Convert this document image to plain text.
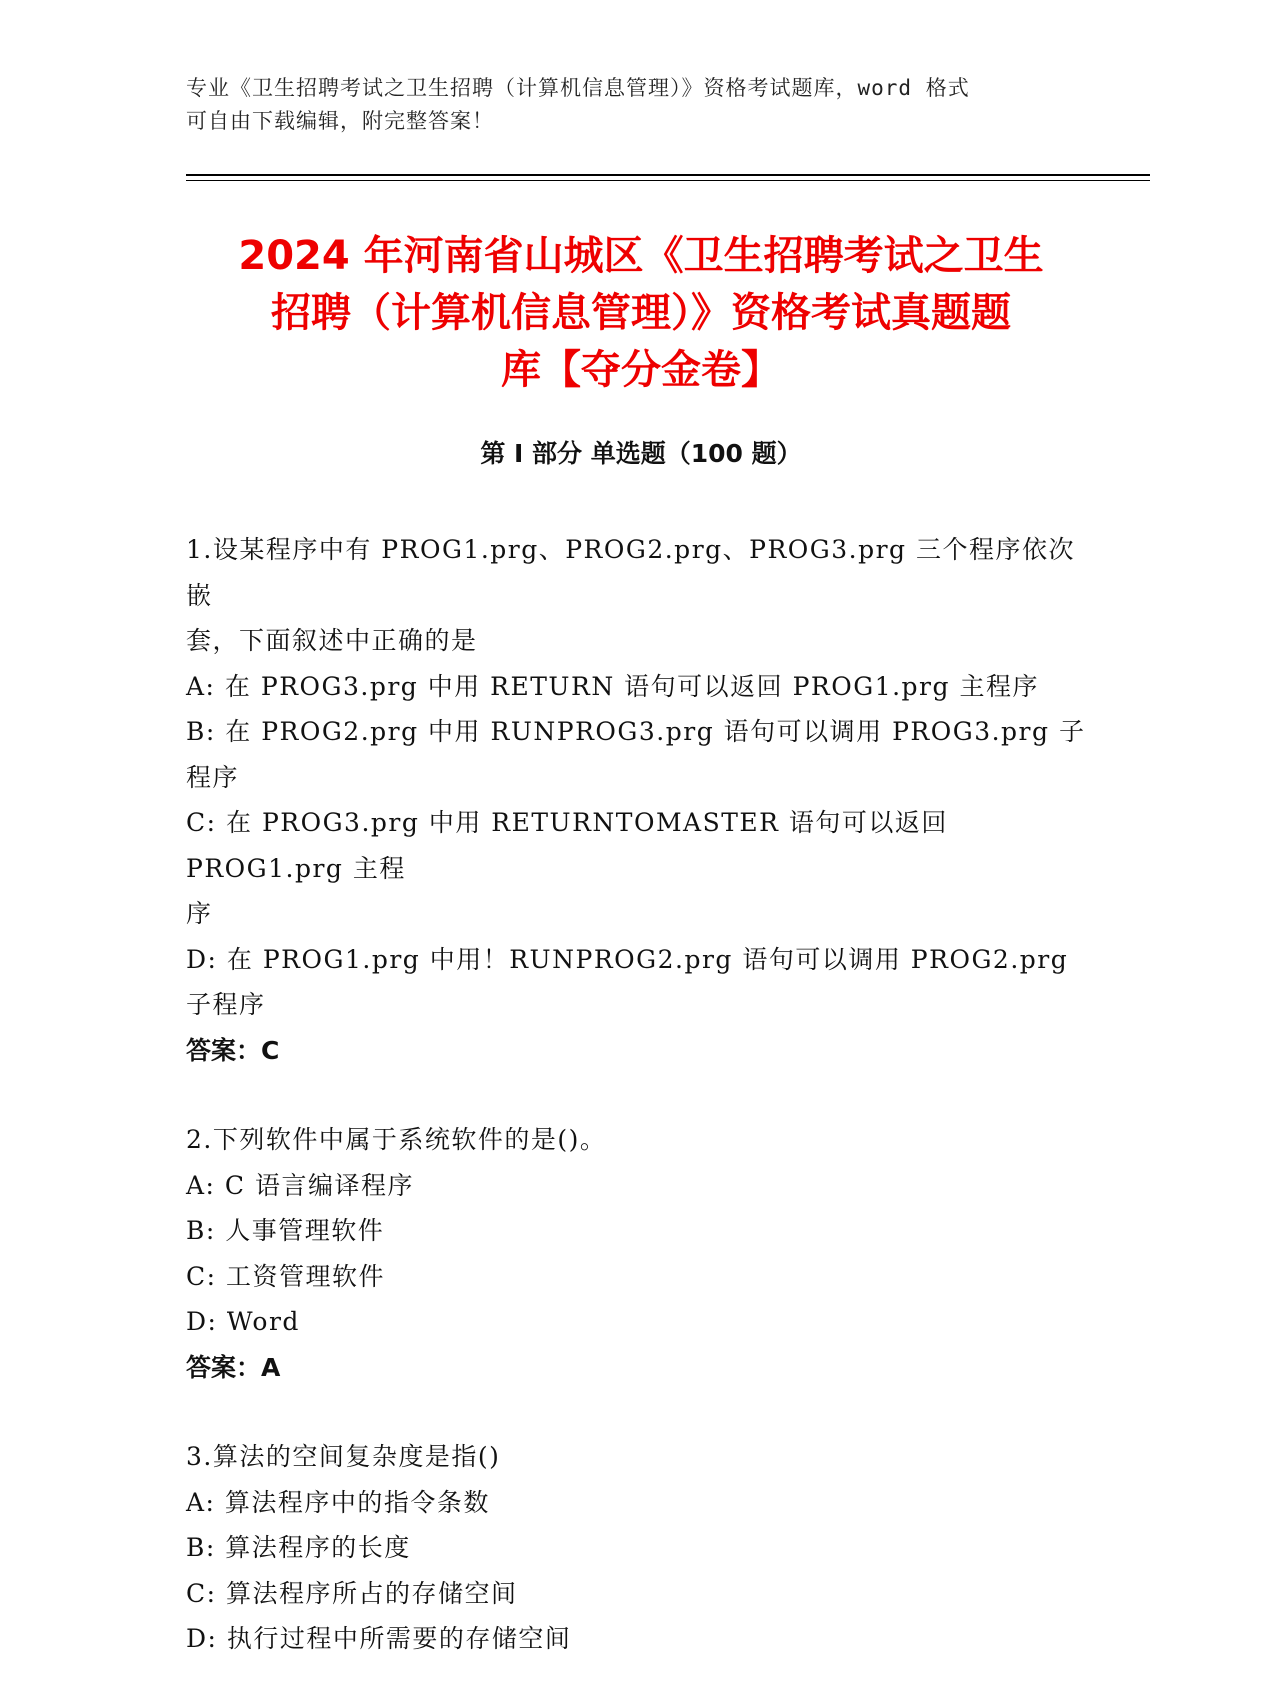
专业《卫生招聘考试之卫生招聘（计算机信息管理）》资格考试题库，word 格式
可自由下载编辑，附完整答案！
2024 年河南省山城区《卫生招聘考试之卫生
招聘（计算机信息管理）》资格考试真题题
库【夺分金卷】
第 I 部分 单选题（100 题）
1.设某程序中有 PROG1.prg、PROG2.prg、PROG3.prg 三个程序依次嵌
套，下面叙述中正确的是
A: 在 PROG3.prg 中用 RETURN 语句可以返回 PROG1.prg 主程序
B: 在 PROG2.prg 中用 RUNPROG3.prg 语句可以调用 PROG3.prg 子程序
C: 在 PROG3.prg 中用 RETURNTOMASTER 语句可以返回 PROG1.prg 主程
序
D: 在 PROG1.prg 中用！RUNPROG2.prg 语句可以调用 PROG2.prg 子程序
答案：C
2.下列软件中属于系统软件的是()。
A: C 语言编译程序
B: 人事管理软件
C: 工资管理软件
D: Word
答案：A
3.算法的空间复杂度是指()
A: 算法程序中的指令条数
B: 算法程序的长度
C: 算法程序所占的存储空间
D: 执行过程中所需要的存储空间
